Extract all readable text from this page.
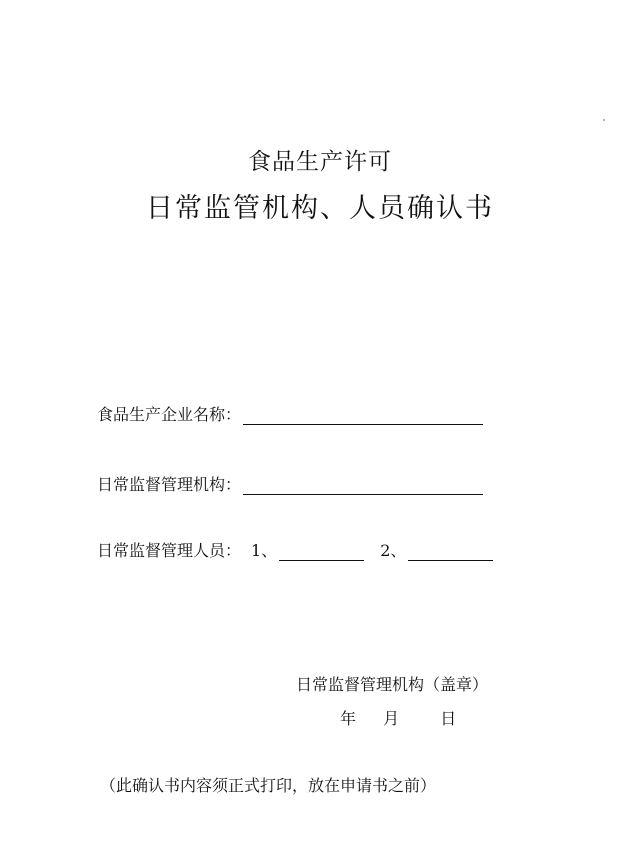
食品生产许可
日常监管机构、人员确认书
食品生产企业名称：
日常监督管理机构：
日常监督管理人员： 1、	2、
日常监督管理机构（盖章）
年 月	日
（此确认书内容须正式打印，放在申请书之前）
